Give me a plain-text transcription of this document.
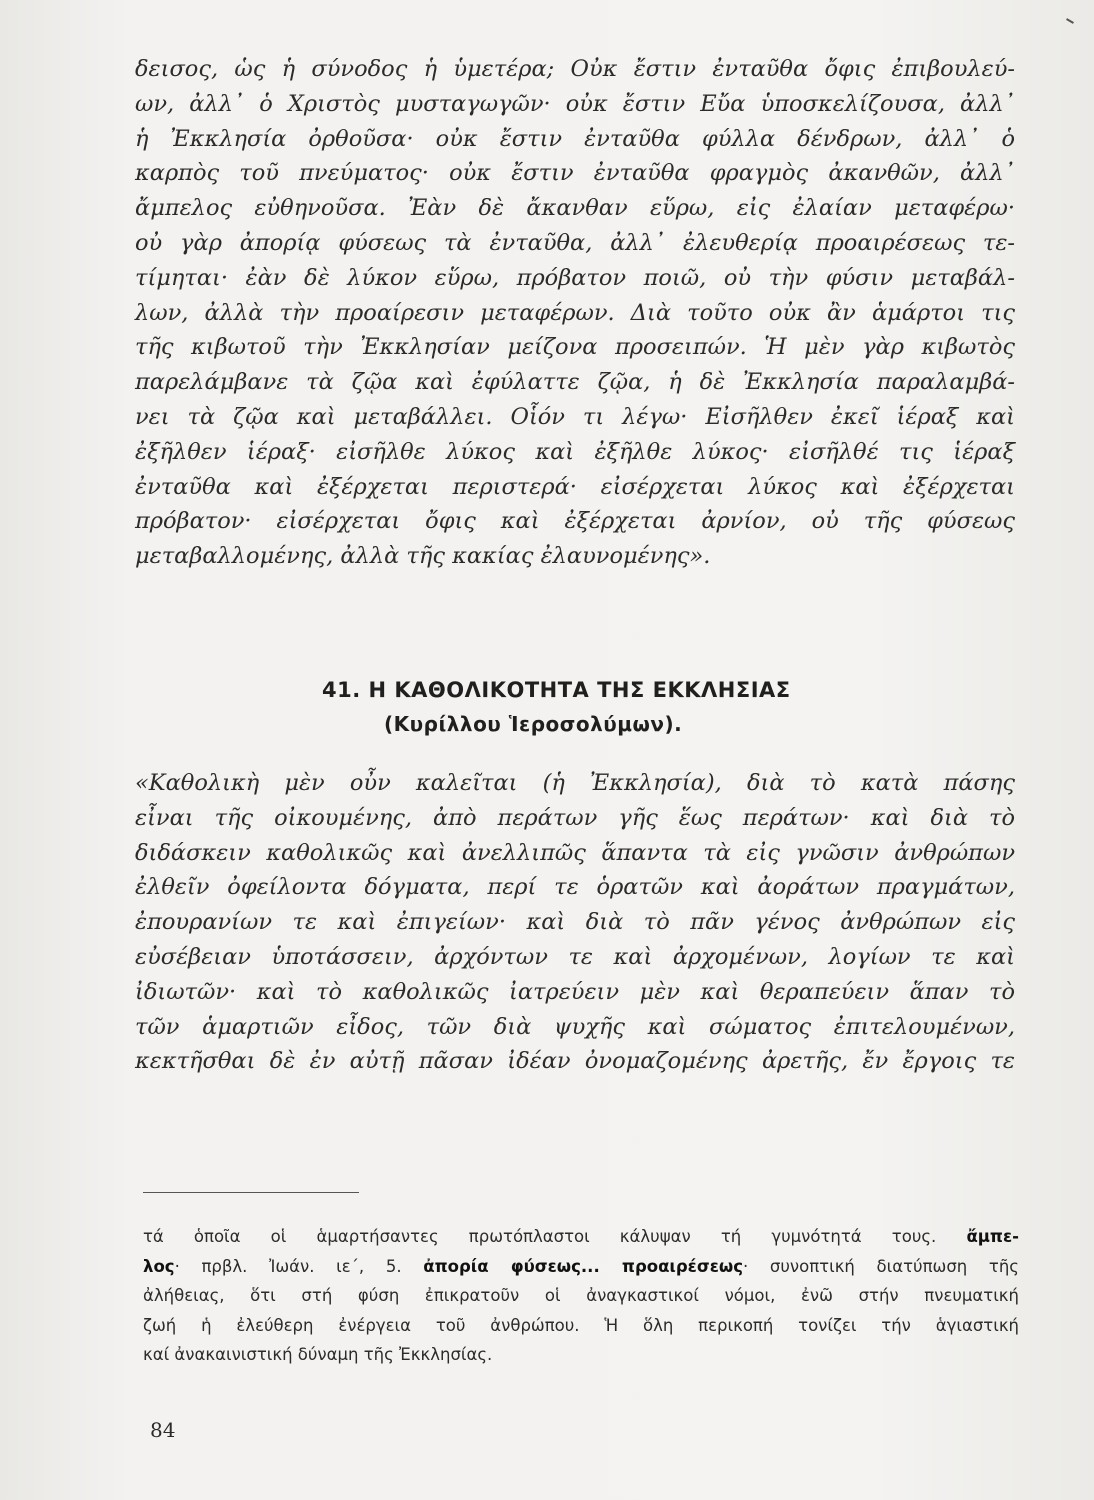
δεισος, ὡς ἡ σύνοδος ἡ ὑμετέρα; Οὐκ ἔστιν ἐνταῦθα ὄφις ἐπιβουλεύ-
ων, ἀλλ᾽ ὁ Χριστὸς μυσταγωγῶν· οὐκ ἔστιν Εὔα ὑποσκελίζουσα, ἀλλ᾽
ἡ Ἐκκλησία ὀρθοῦσα· οὐκ ἔστιν ἐνταῦθα φύλλα δένδρων, ἀλλ᾽ ὁ
καρπὸς τοῦ πνεύματος· οὐκ ἔστιν ἐνταῦθα φραγμὸς ἀκανθῶν, ἀλλ᾽
ἄμπελος εὐθηνοῦσα. Ἐὰν δὲ ἄκανθαν εὕρω, εἰς ἐλαίαν μεταφέρω·
οὐ γὰρ ἀπορίᾳ φύσεως τὰ ἐνταῦθα, ἀλλ᾽ ἐλευθερίᾳ προαιρέσεως τε-
τίμηται· ἐὰν δὲ λύκον εὕρω, πρόβατον ποιῶ, οὐ τὴν φύσιν μεταβάλ-
λων, ἀλλὰ τὴν προαίρεσιν μεταφέρων. Διὰ τοῦτο οὐκ ἂν ἁμάρτοι τις
τῆς κιβωτοῦ τὴν Ἐκκλησίαν μείζονα προσειπών. Ἡ μὲν γὰρ κιβωτὸς
παρελάμβανε τὰ ζῷα καὶ ἐφύλαττε ζῷα, ἡ δὲ Ἐκκλησία παραλαμβά-
νει τὰ ζῷα καὶ μεταβάλλει. Οἷόν τι λέγω· Εἰσῆλθεν ἐκεῖ ἱέραξ καὶ
ἐξῆλθεν ἱέραξ· εἰσῆλθε λύκος καὶ ἐξῆλθε λύκος· εἰσῆλθέ τις ἱέραξ
ἐνταῦθα καὶ ἐξέρχεται περιστερά· εἰσέρχεται λύκος καὶ ἐξέρχεται
πρόβατον· εἰσέρχεται ὄφις καὶ ἐξέρχεται ἀρνίον, οὐ τῆς φύσεως
μεταβαλλομένης, ἀλλὰ τῆς κακίας ἐλαυνομένης».
41. Η ΚΑΘΟΛΙΚΟΤΗΤΑ ΤΗΣ ΕΚΚΛΗΣΙΑΣ
(Κυρίλλου Ἱεροσολύμων).
«Καθολικὴ μὲν οὖν καλεῖται (ἡ Ἐκκλησία), διὰ τὸ κατὰ πάσης
εἶναι τῆς οἰκουμένης, ἀπὸ περάτων γῆς ἕως περάτων· καὶ διὰ τὸ
διδάσκειν καθολικῶς καὶ ἀνελλιπῶς ἅπαντα τὰ εἰς γνῶσιν ἀνθρώπων
ἐλθεῖν ὀφείλοντα δόγματα, περί τε ὁρατῶν καὶ ἀοράτων πραγμάτων,
ἐπουρανίων τε καὶ ἐπιγείων· καὶ διὰ τὸ πᾶν γένος ἀνθρώπων εἰς
εὐσέβειαν ὑποτάσσειν, ἀρχόντων τε καὶ ἀρχομένων, λογίων τε καὶ
ἰδιωτῶν· καὶ τὸ καθολικῶς ἰατρεύειν μὲν καὶ θεραπεύειν ἅπαν τὸ
τῶν ἁμαρτιῶν εἶδος, τῶν διὰ ψυχῆς καὶ σώματος ἐπιτελουμένων,
κεκτῆσθαι δὲ ἐν αὐτῇ πᾶσαν ἰδέαν ὀνομαζομένης ἀρετῆς, ἔν ἔργοις τε
τά ὁποῖα οἱ ἁμαρτήσαντες πρωτόπλαστοι κάλυψαν τή γυμνότητά τους. ἄμπε-
λος· πρβλ. Ἰωάν. ιε΄, 5. ἀπορία φύσεως... προαιρέσεως· συνοπτική διατύπωση τῆς
ἀλήθειας, ὅτι στή φύση ἐπικρατοῦν οἱ ἀναγκαστικοί νόμοι, ἐνῶ στήν πνευματική
ζωή ἡ ἐλεύθερη ἐνέργεια τοῦ ἀνθρώπου. Ἡ ὅλη περικοπή τονίζει τήν ἁγιαστική
καί ἀνακαινιστική δύναμη τῆς Ἐκκλησίας.
84
